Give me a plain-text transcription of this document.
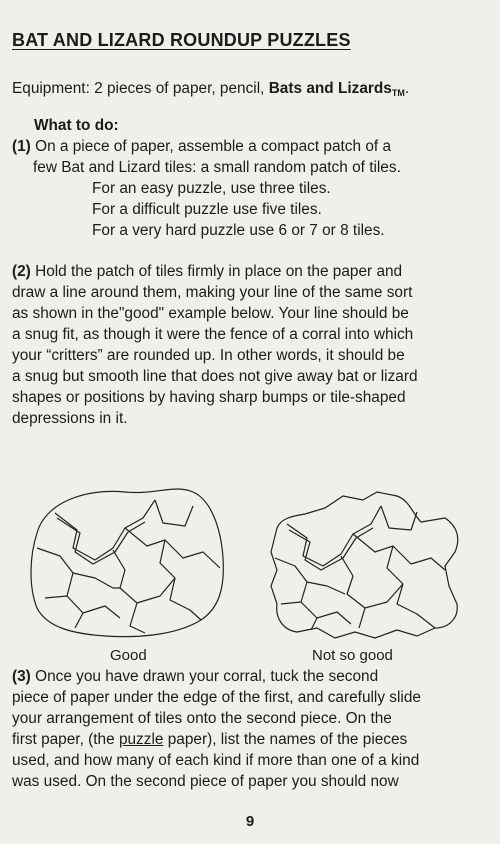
BAT AND LIZARD ROUNDUP PUZZLES

Equipment: 2 pieces of paper, pencil, Bats and LizardsTM.

What to do:

(1) On a piece of paper, assemble a compact patch of a

few Bat and Lizard tiles: a small random patch of tiles.

For an easy puzzle, use three tiles.

For a difficult puzzle use five tiles.

For a very hard puzzle use 6 or 7 or 8 tiles.

(2) Hold the patch of tiles firmly in place on the paper and

draw a line around them, making your line of the same sort

as shown in the"good" example below. Your line should be

a snug fit, as though it were the fence of a corral into which

your “critters” are rounded up. In other words, it should be

a snug but smooth line that does not give away bat or lizard

shapes or positions by having sharp bumps or tile-shaped

depressions in it.

Good	Not so good

(3) Once you have drawn your corral, tuck the second

piece of paper under the edge of the first, and carefully slide

your arrangement of tiles onto the second piece. On the

first paper, (the puzzle paper), list the names of the pieces

used, and how many of each kind if more than one of a kind

was used. On the second piece of paper you should now

9
